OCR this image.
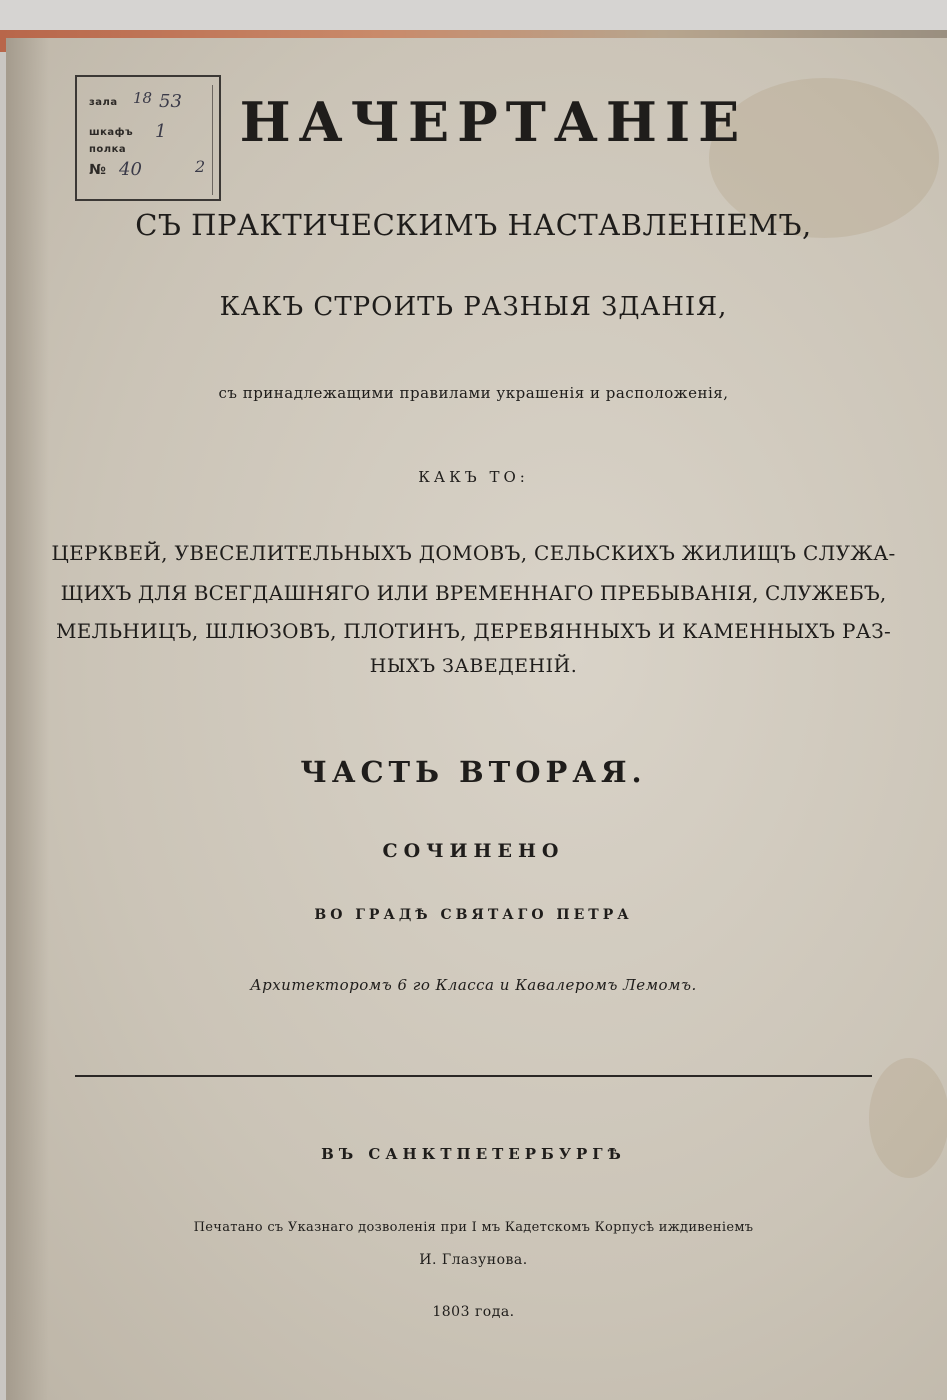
зала 18
шкафъ
полка
№
53
1
40	2
НАЧЕРТАНІЕ
СЪ ПРАКТИЧЕСКИМЪ НАСТАВЛЕНІЕМЪ,
КАКЪ СТРОИТЬ РАЗНЫЯ ЗДАНІЯ,
съ принадлежащими правилами украшенія и расположенія,
КАКЪ ТО:
ЦЕРКВЕЙ, УВЕСЕЛИТЕЛЬНЫХЪ ДОМОВЪ, СЕЛЬСКИХЪ ЖИЛИЩЪ СЛУЖА-
ЩИХЪ ДЛЯ ВСЕГДАШНЯГО ИЛИ ВРЕМЕННАГО ПРЕБЫВАНІЯ, СЛУЖЕБЪ,
МЕЛЬНИЦЪ, ШЛЮЗОВЪ, ПЛОТИНЪ, ДЕРЕВЯННЫХЪ И КАМЕННЫХЪ РАЗ-
НЫХЪ ЗАВЕДЕНІЙ.
ЧАСТЬ ВТОРАЯ.
СОЧИНЕНО
ВО ГРАДѢ СВЯТАГО ПЕТРА
Архитекторомъ 6 го Класса и Кавалеромъ Лемомъ.
ВЪ САНКТПЕТЕРБУРГѢ
Печатано съ Указнаго дозволенія при I мъ Кадетскомъ Корпусѣ иждивенiемъ
И. Глазунова.
1803 года.
